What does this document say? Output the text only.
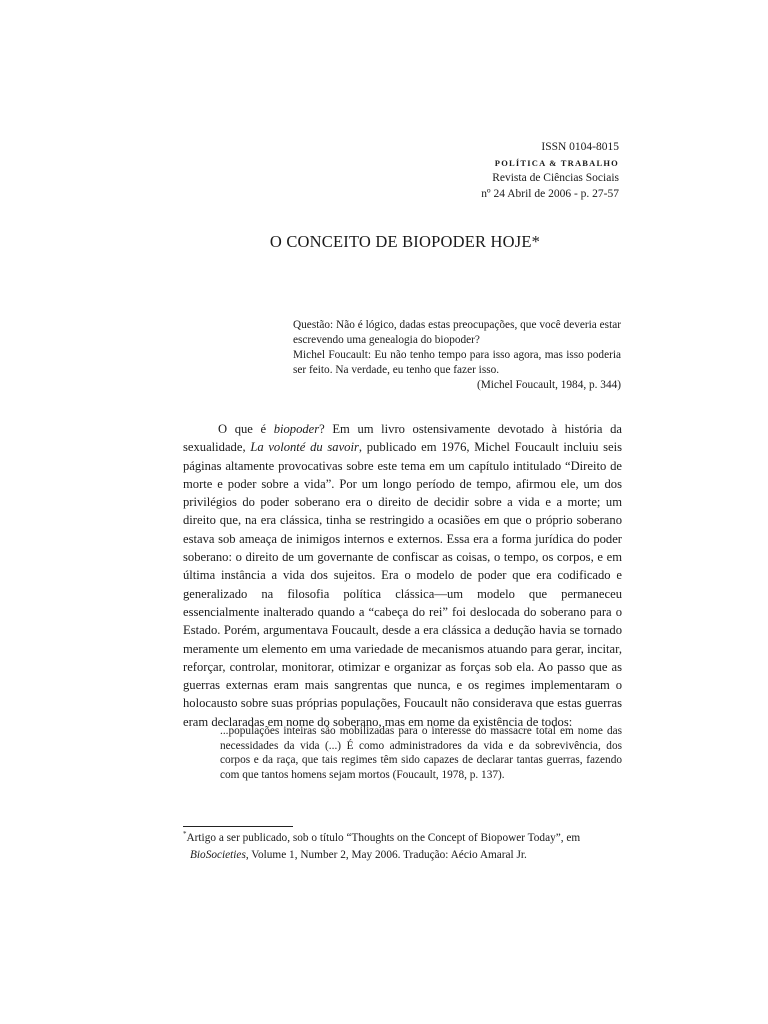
ISSN 0104-8015
POLÍTICA & TRABALHO
Revista de Ciências Sociais
nº 24 Abril de 2006 - p. 27-57
O CONCEITO DE BIOPODER HOJE*

Questão: Não é lógico, dadas estas preocupações, que você deveria estar escrevendo uma genealogia do biopoder?

Michel Foucault: Eu não tenho tempo para isso agora, mas isso poderia ser feito. Na verdade, eu tenho que fazer isso.

(Michel Foucault, 1984, p. 344)

O que é biopoder? Em um livro ostensivamente devotado à história da sexualidade, La volonté du savoir, publicado em 1976, Michel Foucault incluiu seis páginas altamente provocativas sobre este tema em um capítulo intitulado “Direito de morte e poder sobre a vida”. Por um longo período de tempo, afirmou ele, um dos privilégios do poder soberano era o direito de decidir sobre a vida e a morte; um direito que, na era clássica, tinha se restringido a ocasiões em que o próprio soberano estava sob ameaça de inimigos internos e externos. Essa era a forma jurídica do poder soberano: o direito de um governante de confiscar as coisas, o tempo, os corpos, e em última instância a vida dos sujeitos. Era o modelo de poder que era codificado e generalizado na filosofia política clássica—um modelo que permaneceu essencialmente inalterado quando a “cabeça do rei” foi deslocada do soberano para o Estado. Porém, argumentava Foucault, desde a era clássica a dedução havia se tornado meramente um elemento em uma variedade de mecanismos atuando para gerar, incitar, reforçar, controlar, monitorar, otimizar e organizar as forças sob ela. Ao passo que as guerras externas eram mais sangrentas que nunca, e os regimes implementaram o holocausto sobre suas próprias populações, Foucault não considerava que estas guerras eram declaradas em nome do soberano, mas em nome da existência de todos:

...populações inteiras são mobilizadas para o interesse do massacre total em nome das necessidades da vida (...) É como administradores da vida e da sobrevivência, dos corpos e da raça, que tais regimes têm sido capazes de declarar tantas guerras, fazendo com que tantos homens sejam mortos (Foucault, 1978, p. 137).

*Artigo a ser publicado, sob o título “Thoughts on the Concept of Biopower Today”, em

BioSocieties, Volume 1, Number 2, May 2006. Tradução: Aécio Amaral Jr.
